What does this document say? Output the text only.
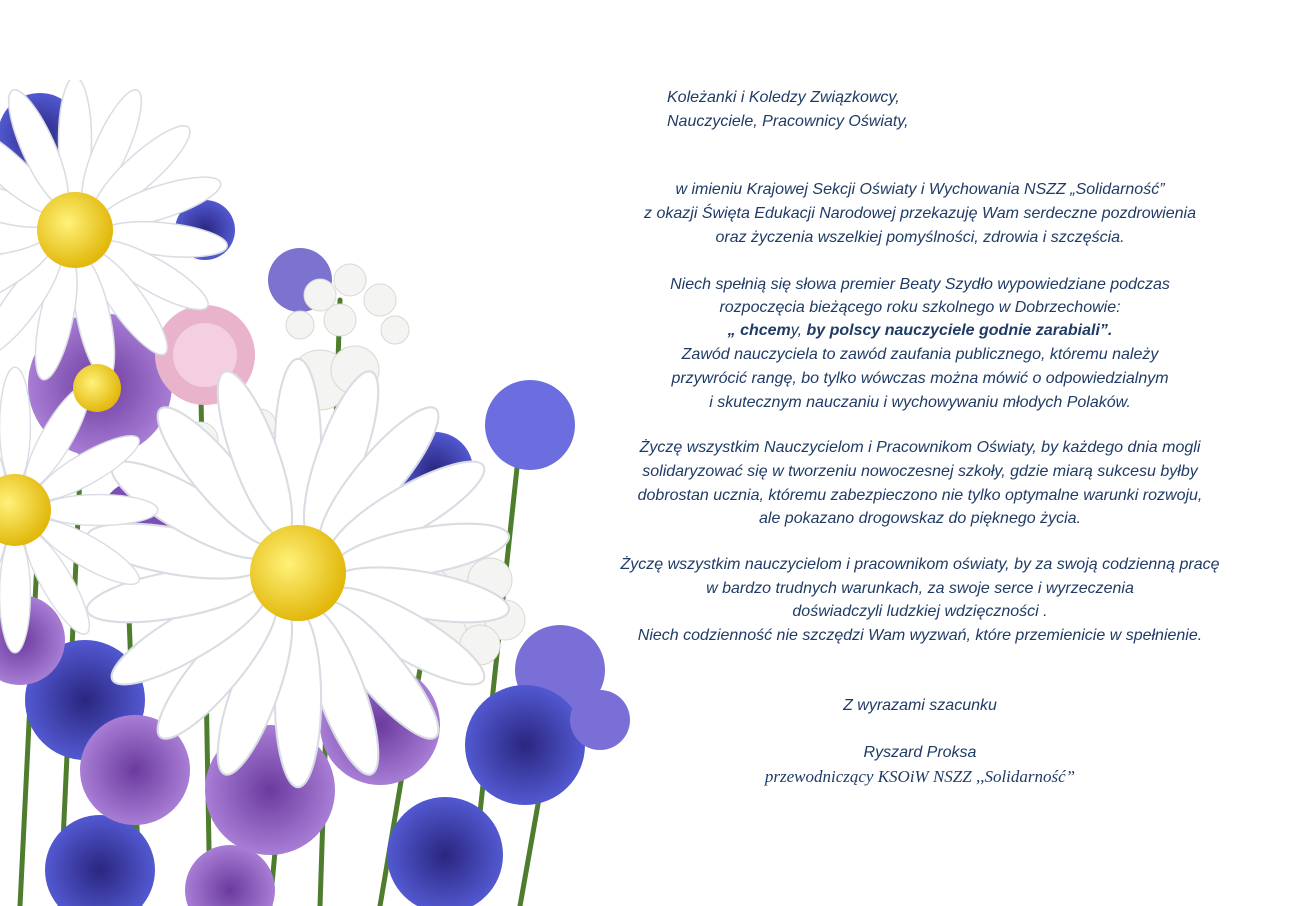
Koleżanki i Koledzy Związkowcy,
Nauczyciele, Pracownicy Oświaty,
w imieniu Krajowej Sekcji Oświaty i Wychowania NSZZ „Solidarność”
z okazji Święta Edukacji Narodowej przekazuję Wam serdeczne pozdrowienia
oraz życzenia wszelkiej pomyślności, zdrowia i szczęścia.
Niech spełnią się słowa premier Beaty Szydło wypowiedziane podczas
rozpoczęcia bieżącego roku szkolnego w Dobrzechowie:
„ chcemy, by polscy nauczyciele godnie zarabiali”.
Zawód nauczyciela to zawód zaufania publicznego, któremu należy
przywrócić rangę, bo tylko wówczas można mówić o odpowiedzialnym
i skutecznym nauczaniu i wychowywaniu młodych Polaków.
Życzę wszystkim Nauczycielom i Pracownikom Oświaty, by każdego dnia mogli
solidaryzować się w tworzeniu nowoczesnej szkoły, gdzie miarą sukcesu byłby
dobrostan ucznia, któremu zabezpieczono nie tylko optymalne warunki rozwoju,
ale pokazano drogowskaz do pięknego życia.
Życzę wszystkim nauczycielom i pracownikom oświaty, by za swoją codzienną pracę
w bardzo trudnych warunkach, za swoje serce i wyrzeczenia
doświadczyli ludzkiej wdzięczności .
Niech codzienność nie szczędzi Wam wyzwań, które przemienicie w spełnienie.
Z wyrazami szacunku
Ryszard Proksa
przewodniczący KSOiW NSZZ ,,Solidarność”
